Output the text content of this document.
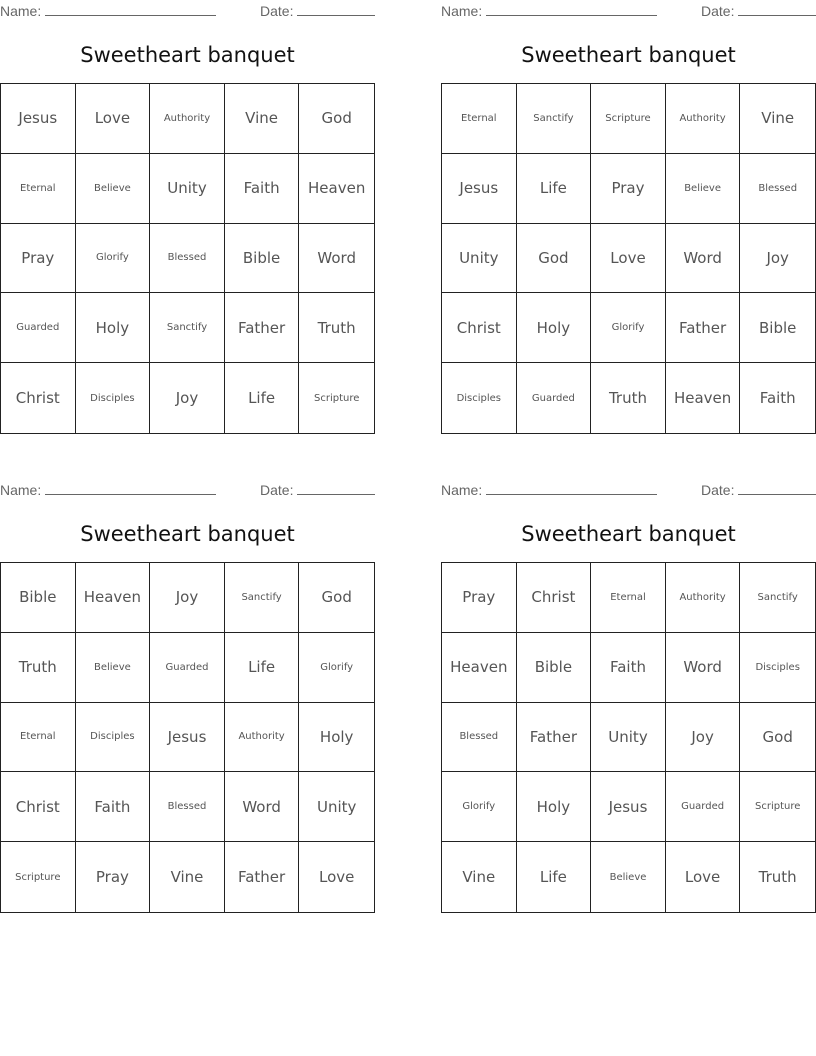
Name:	Date:
Sweetheart banquet
Jesus	Love	Authority	Vine	God
Eternal	Believe	Unity	Faith	Heaven
Pray	Glorify	Blessed	Bible	Word
Guarded	Holy	Sanctify	Father	Truth
Christ	Disciples	Joy	Life	Scripture
Name:	Date:
Sweetheart banquet
Eternal	Sanctify	Scripture	Authority	Vine
Jesus	Life	Pray	Believe	Blessed
Unity	God	Love	Word	Joy
Christ	Holy	Glorify	Father	Bible
Disciples	Guarded	Truth	Heaven	Faith
Name:	Date:
Sweetheart banquet
Bible	Heaven	Joy	Sanctify	God
Truth	Believe	Guarded	Life	Glorify
Eternal	Disciples	Jesus	Authority	Holy
Christ	Faith	Blessed	Word	Unity
Scripture	Pray	Vine	Father	Love
Name:	Date:
Sweetheart banquet
Pray	Christ	Eternal	Authority	Sanctify
Heaven	Bible	Faith	Word	Disciples
Blessed	Father	Unity	Joy	God
Glorify	Holy	Jesus	Guarded	Scripture
Vine	Life	Believe	Love	Truth
